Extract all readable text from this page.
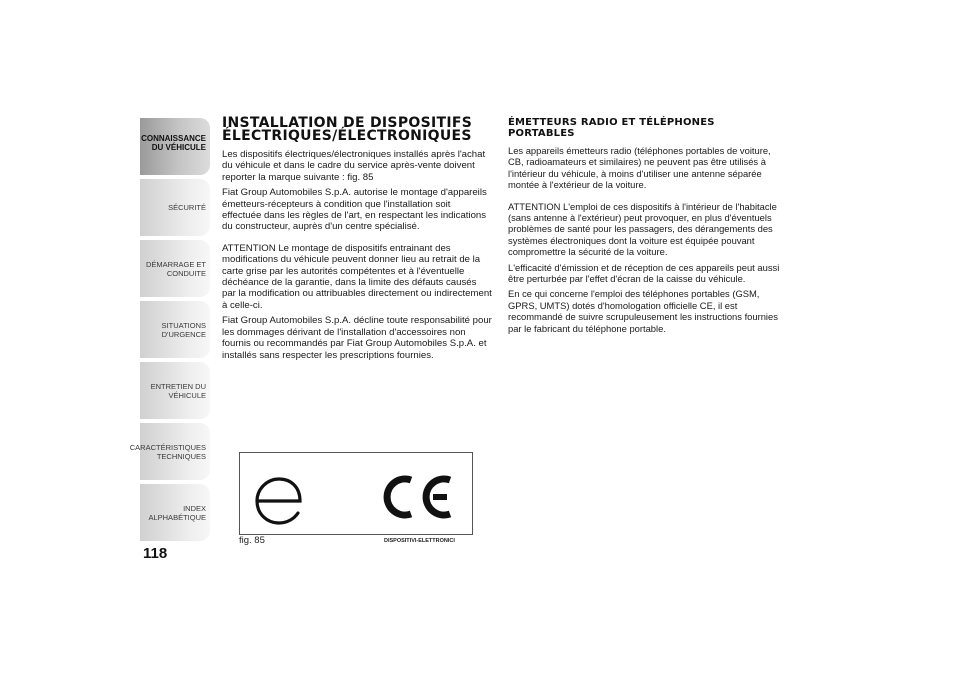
CONNAISSANCE
DU VÉHICULE
SÉCURITÉ
DÉMARRAGE ET
CONDUITE
SITUATIONS
D'URGENCE
ENTRETIEN DU
VÉHICULE
CARACTÉRISTIQUES
TECHNIQUES
INDEX
ALPHABÉTIQUE
118
INSTALLATION DE DISPOSITIFS ÉLECTRIQUES/ÉLECTRONIQUES

Les dispositifs électriques/électroniques installés après l'achat du véhicule et dans le cadre du service après-vente doivent reporter la marque suivante : fig. 85

Fiat Group Automobiles S.p.A. autorise le montage d'appareils émetteurs-récepteurs à condition que l'installation soit effectuée dans les règles de l'art, en respectant les indications du constructeur, auprès d'un centre spécialisé.

ATTENTION Le montage de dispositifs entrainant des modifications du véhicule peuvent donner lieu au retrait de la carte grise par les autorités compétentes et à l'éventuelle déchéance de la garantie, dans la limite des défauts causés par la modification ou attribuables directement ou indirectement à celle-ci.

Fiat Group Automobiles S.p.A. décline toute responsabilité pour les dommages dérivant de l'installation d'accessoires non fournis ou recommandés par Fiat Group Automobiles S.p.A. et installés sans respecter les prescriptions fournies.

ÉMETTEURS RADIO ET TÉLÉPHONES PORTABLES

Les appareils émetteurs radio (téléphones portables de voiture, CB, radioamateurs et similaires) ne peuvent pas être utilisés à l'intérieur du véhicule, à moins d'utiliser une antenne séparée montée à l'extérieur de la voiture.

ATTENTION L'emploi de ces dispositifs à l'intérieur de l'habitacle (sans antenne à l'extérieur) peut provoquer, en plus d'éventuels problèmes de santé pour les passagers, des dérangements des systèmes électroniques dont la voiture est équipée pouvant compromettre la sécurité de la voiture.

L'efficacité d'émission et de réception de ces appareils peut aussi être perturbée par l'effet d'écran de la caisse du véhicule.

En ce qui concerne l'emploi des téléphones portables (GSM, GPRS, UMTS) dotés d'homologation officielle CE, il est recommandé de suivre scrupuleusement les instructions fournies par le fabricant du téléphone portable.

fig. 85	DISPOSITIVI-ELETTRONICI
